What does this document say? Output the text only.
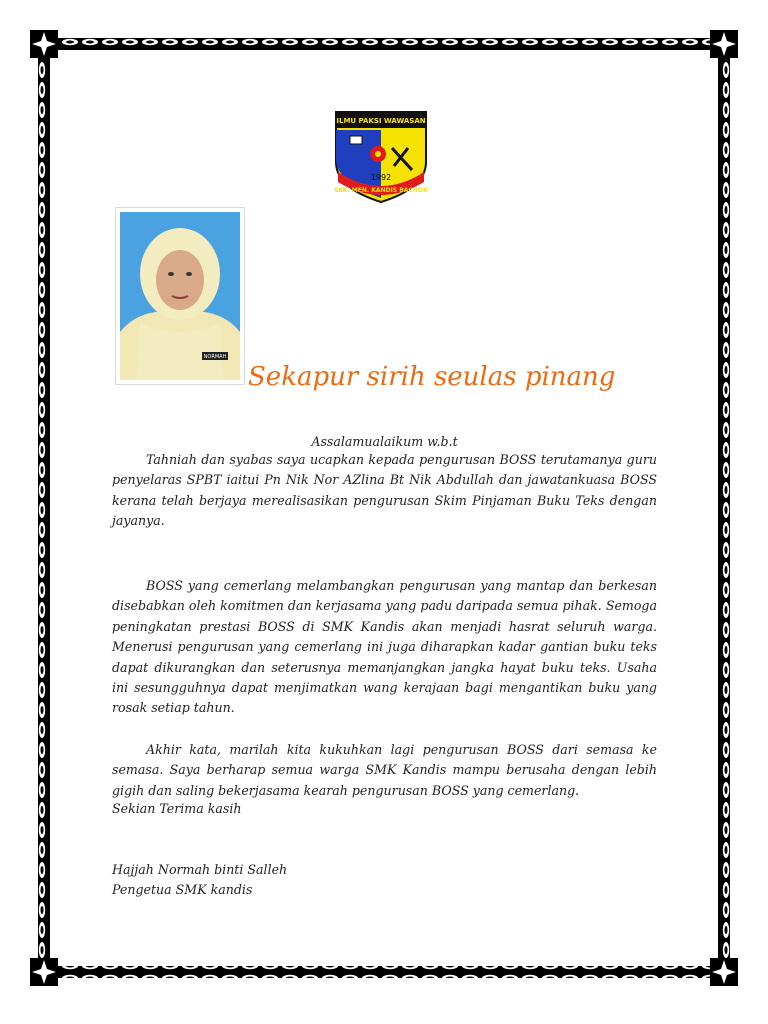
ILMU PAKSI WAWASAN
1992
SEK. MEN. KANDIS BACHOK
NORMAH
Sekapur sirih seulas pinang
Assalamualaikum w.b.t
Tahniah dan syabas saya ucapkan kepada pengurusan BOSS terutamanya guru penyelaras SPBT iaitui Pn Nik Nor AZlina Bt Nik Abdullah dan jawatankuasa BOSS kerana telah berjaya merealisasikan pengurusan Skim Pinjaman Buku Teks dengan jayanya.
BOSS yang cemerlang melambangkan pengurusan yang mantap dan berkesan disebabkan oleh komitmen dan kerjasama yang padu daripada semua pihak. Semoga peningkatan prestasi BOSS di SMK Kandis akan menjadi hasrat seluruh warga. Menerusi pengurusan yang cemerlang ini juga diharapkan kadar gantian buku teks dapat dikurangkan dan seterusnya memanjangkan jangka hayat buku teks. Usaha ini sesungguhnya dapat menjimatkan wang kerajaan bagi mengantikan buku yang rosak setiap tahun.
Akhir kata, marilah kita kukuhkan lagi pengurusan BOSS dari semasa ke semasa. Saya berharap semua warga SMK Kandis mampu berusaha dengan lebih gigih dan saling bekerjasama kearah pengurusan BOSS yang cemerlang.
Sekian Terima kasih
Hajjah Normah binti Salleh
Pengetua SMK kandis
